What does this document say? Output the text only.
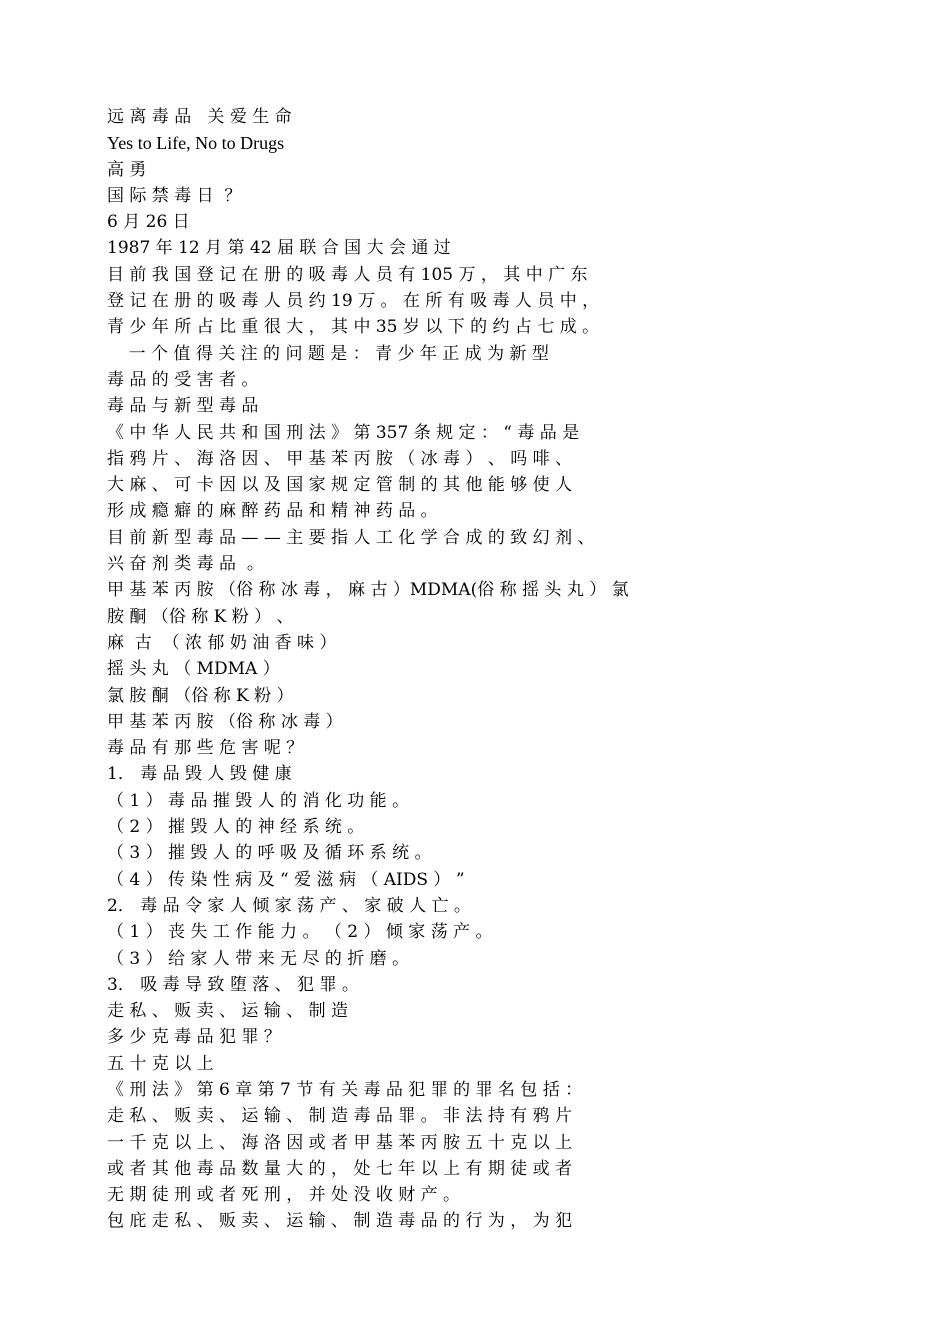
远 离 毒 品   关 爱 生 命
Yes to Life, No to Drugs
高 勇
国 际 禁 毒 日  ？
6 月 26 日
1987 年 12 月 第 42 届 联 合 国 大 会 通 过
目 前 我 国 登 记 在 册 的 吸 毒 人 员 有 105 万 ， 其 中 广 东
登 记 在 册 的 吸 毒 人 员 约 19 万 。 在 所 有 吸 毒 人 员 中 ，
青 少 年 所 占 比 重 很 大 ， 其 中 35 岁 以 下 的 约 占 七 成 。
一 个 值 得 关 注 的 问 题 是 ： 青 少 年 正 成 为 新 型
毒 品 的 受 害 者 。
毒 品 与 新 型 毒 品
《 中 华 人 民 共 和 国 刑 法 》 第 357 条 规 定 ： “ 毒 品 是
指 鸦 片 、 海 洛 因 、 甲 基 苯 丙 胺 （ 冰 毒 ） 、 吗 啡 、
大 麻 、 可 卡 因 以 及 国 家 规 定 管 制 的 其 他 能 够 使 人
形 成 瘾 癖 的 麻 醉 药 品 和 精 神 药 品 。
目 前 新 型 毒 品 — — 主 要 指 人 工 化 学 合 成 的 致 幻 剂 、
兴 奋 剂 类 毒 品  。
甲 基 苯 丙 胺 （俗 称 冰 毒 ， 麻 古 ）MDMA(俗 称 摇 头 丸 ） 氯
胺 酮 （俗 称 K 粉 ） 、
麻  古  （ 浓 郁 奶 油 香 味 ）
摇 头 丸 （ MDMA ）
氯 胺 酮 （俗 称 K 粉 ）
甲 基 苯 丙 胺 （俗 称 冰 毒 ）
毒 品 有 那 些 危 害 呢 ？
1． 毒 品 毁 人 毁 健 康
（ 1 ） 毒 品 摧 毁 人 的 消 化 功 能 。
（ 2 ） 摧 毁 人 的 神 经 系 统 。
（ 3 ） 摧 毁 人 的 呼 吸 及 循 环 系 统 。
（ 4 ） 传 染 性 病 及 “ 爱 滋 病 （ AIDS ） ”
2． 毒 品 令 家 人 倾 家 荡 产 、 家 破 人 亡 。
（ 1 ） 丧 失 工 作 能 力 。 （ 2 ） 倾 家 荡 产 。
（ 3 ） 给 家 人 带 来 无 尽 的 折 磨 。
3． 吸 毒 导 致 堕 落 、 犯 罪 。
走 私 、 贩 卖 、 运 输 、 制 造
多 少 克 毒 品 犯 罪 ？
五 十 克 以 上
《 刑 法 》 第 6 章 第 7 节 有 关 毒 品 犯 罪 的 罪 名 包 括 ：
走 私 、 贩 卖 、 运 输 、 制 造 毒 品 罪 。 非 法 持 有 鸦 片
一 千 克 以 上 、 海 洛 因 或 者 甲 基 苯 丙 胺 五 十 克 以 上
或 者 其 他 毒 品 数 量 大 的 ， 处 七 年 以 上 有 期 徒 或 者
无 期 徒 刑 或 者 死 刑 ， 并 处 没 收 财 产 。
包 庇 走 私 、 贩 卖 、 运 输 、 制 造 毒 品 的 行 为 ， 为 犯
